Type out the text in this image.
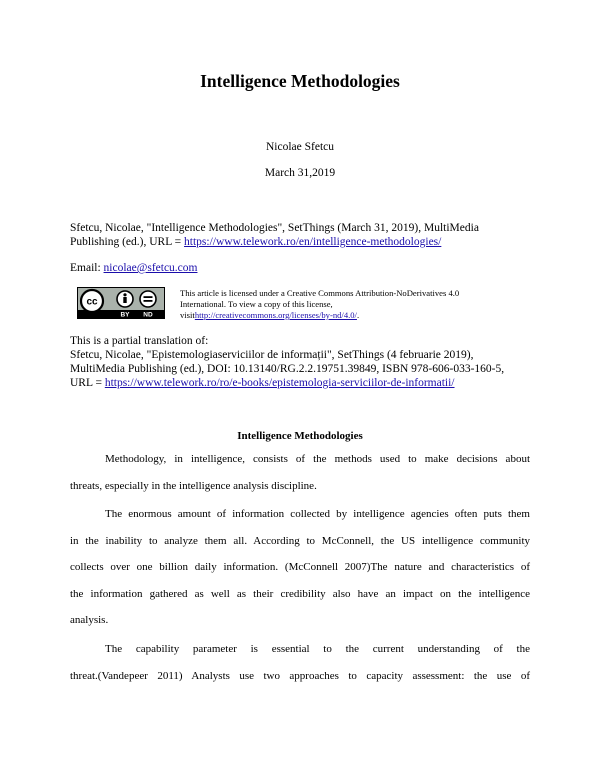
Intelligence Methodologies
Nicolae Sfetcu
March 31,2019
Sfetcu, Nicolae, "Intelligence Methodologies", SetThings (March 31, 2019), MultiMedia
Publishing (ed.), URL = https://www.telework.ro/en/intelligence-methodologies/
Email: nicolae@sfetcu.com
cc
BY ND
This article is licensed under a Creative Commons Attribution-NoDerivatives 4.0
International. To view a copy of this license,
visithttp://creativecommons.org/licenses/by-nd/4.0/.
This is a partial translation of:
Sfetcu, Nicolae, "Epistemologiaserviciilor de informații", SetThings (4 februarie 2019),
MultiMedia Publishing (ed.), DOI: 10.13140/RG.2.2.19751.39849, ISBN 978-606-033-160-5,
URL = https://www.telework.ro/ro/e-books/epistemologia-serviciilor-de-informatii/
Intelligence Methodologies
Methodology, in intelligence, consists of the methods used to make decisions about
threats, especially in the intelligence analysis discipline.
The enormous amount of information collected by intelligence agencies often puts them
in the inability to analyze them all. According to McConnell, the US intelligence community
collects over one billion daily information. (McConnell 2007)The nature and characteristics of
the information gathered as well as their credibility also have an impact on the intelligence
analysis.
The capability parameter is essential to the current understanding of the
threat.(Vandepeer 2011) Analysts use two approaches to capacity assessment: the use of
